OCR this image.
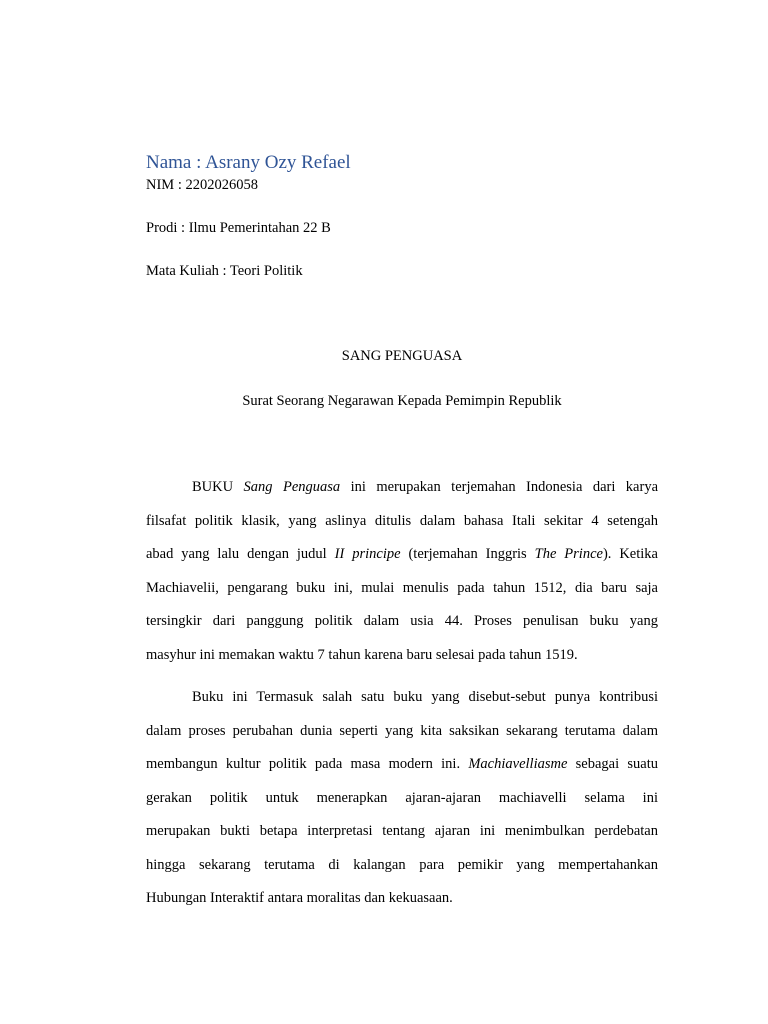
Nama : Asrany Ozy Refael
NIM : 2202026058
Prodi : Ilmu Pemerintahan 22 B
Mata Kuliah : Teori Politik
SANG PENGUASA
Surat Seorang Negarawan Kepada Pemimpin Republik
BUKU Sang Penguasa ini merupakan terjemahan Indonesia dari karya
filsafat politik klasik, yang aslinya ditulis dalam bahasa Itali sekitar 4 setengah
abad yang lalu dengan judul II principe (terjemahan Inggris The Prince). Ketika
Machiavelii, pengarang buku ini, mulai menulis pada tahun 1512, dia baru saja
tersingkir dari panggung politik dalam usia 44. Proses penulisan buku yang
masyhur ini memakan waktu 7 tahun karena baru selesai pada tahun 1519.
Buku ini Termasuk salah satu buku yang disebut-sebut punya kontribusi
dalam proses perubahan dunia seperti yang kita saksikan sekarang terutama dalam
membangun kultur politik pada masa modern ini. Machiavelliasme sebagai suatu
gerakan politik untuk menerapkan ajaran-ajaran machiavelli selama ini
merupakan bukti betapa interpretasi tentang ajaran ini menimbulkan perdebatan
hingga sekarang terutama di kalangan para pemikir yang mempertahankan
Hubungan Interaktif antara moralitas dan kekuasaan.
